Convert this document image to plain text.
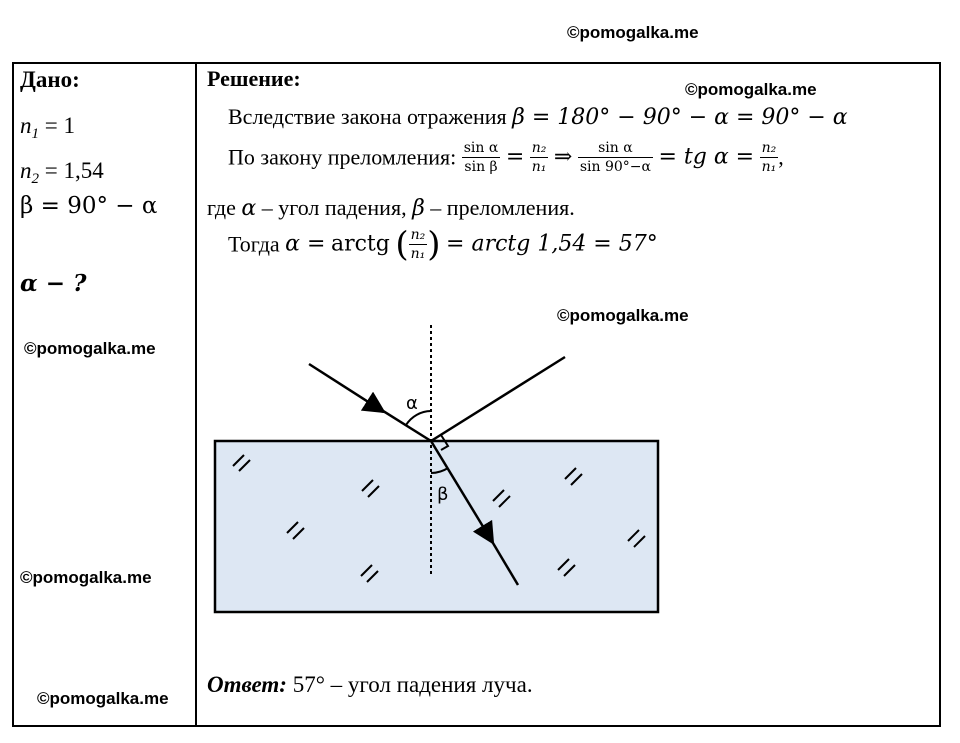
©pomogalka.me
©pomogalka.me
©pomogalka.me
©pomogalka.me
©pomogalka.me
©pomogalka.me
Дано:
$n_1 = 1$
$n_2 = 1,54$
β = 90° − α
α − ?
Решение:
Вследствие закона отражения β = 180° − 90° − α = 90° − α
По закону преломления: $\frac{\text{sin α}}{\text{sin β}} = \frac{\text{n₂}}{\text{n₁}}$ ⇒ $\frac{\text{sin α}}{\sin 90^\circ-\alpha}$ = tg $\alpha = \frac{\text{n₂}}{\text{n₁}}$ ,
где α – угол падения, β – преломления.
Тогда α = arctg ( $\frac{\text{n₂}}{\text{n₁}}$ ) = arctg 1,54 = 57°
α
β
Ответ: 57° – угол падения луча.
